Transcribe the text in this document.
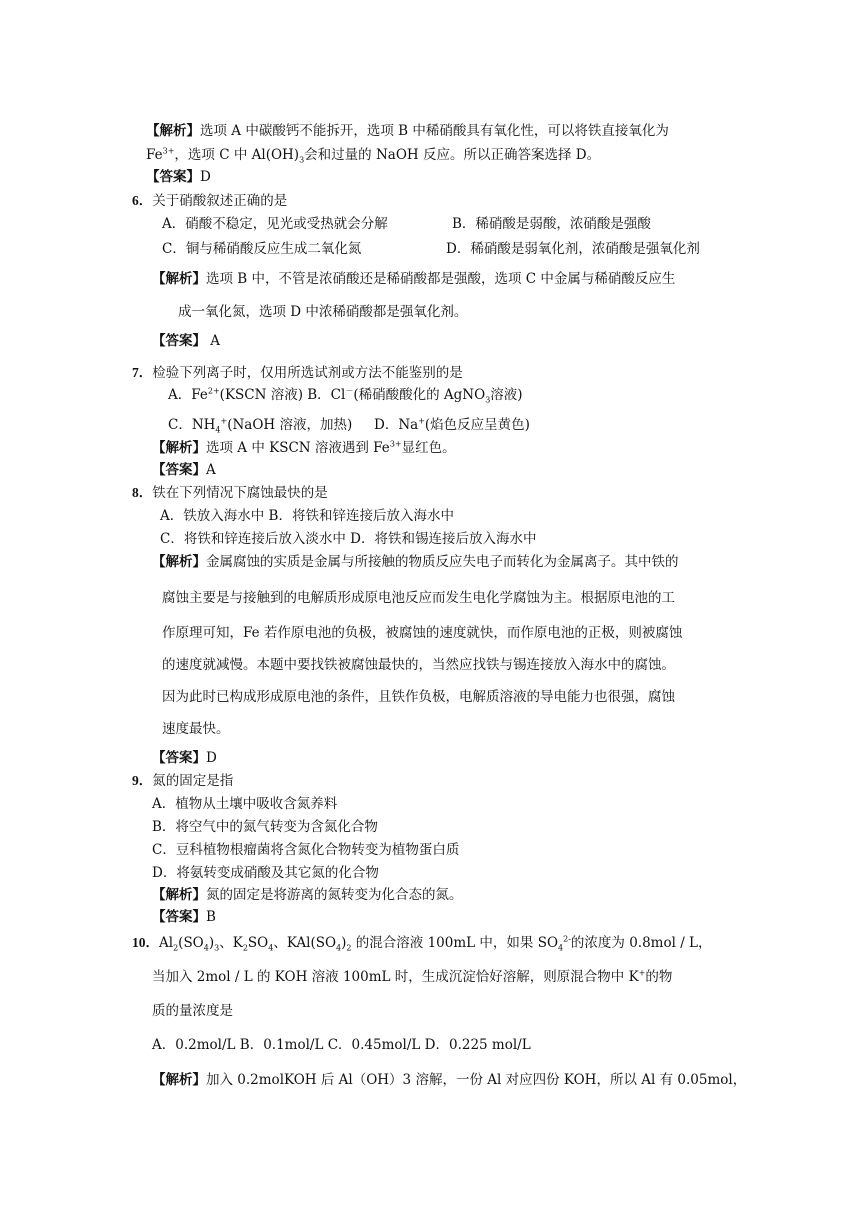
【解析】选项 A 中碳酸钙不能拆开，选项 B 中稀硝酸具有氧化性，可以将铁直接氧化为
$Fe^{3+}$，选项 C 中 $Al(OH)_3$会和过量的 NaOH 反应。所以正确答案选择 D。
【答案】D
6．关于硝酸叙述正确的是
A．硝酸不稳定，见光或受热就会分解	B．稀硝酸是弱酸，浓硝酸是强酸
C．铜与稀硝酸反应生成二氧化氮	D．稀硝酸是弱氧化剂，浓硝酸是强氧化剂
【解析】选项 B 中，不管是浓硝酸还是稀硝酸都是强酸，选项 C 中金属与稀硝酸反应生
成一氧化氮，选项 D 中浓稀硝酸都是强氧化剂。
【答案】 A
7．检验下列离子时，仅用所选试剂或方法不能鉴别的是
A．$Fe^{2+}(KSCN$ 溶液) B．Cl－(稀硝酸酸化的 AgNO$_3$溶液)
C．$NH_4^+(NaOH$ 溶液，加热) D．Na+(焰色反应呈黄色)
【解析】选项 A 中 KSCN 溶液遇到 $Fe^{3+}$显红色。
【答案】A
8．铁在下列情况下腐蚀最快的是
A．铁放入海水中 B．将铁和锌连接后放入海水中
C．将铁和锌连接后放入淡水中 D．将铁和锡连接后放入海水中
【解析】金属腐蚀的实质是金属与所接触的物质反应失电子而转化为金属离子。其中铁的
腐蚀主要是与接触到的电解质形成原电池反应而发生电化学腐蚀为主。根据原电池的工
作原理可知，Fe 若作原电池的负极，被腐蚀的速度就快，而作原电池的正极，则被腐蚀
的速度就减慢。本题中要找铁被腐蚀最快的，当然应找铁与锡连接放入海水中的腐蚀。
因为此时已构成形成原电池的条件，且铁作负极，电解质溶液的导电能力也很强，腐蚀
速度最快。
【答案】D
9．氮的固定是指
A．植物从土壤中吸收含氮养料
B．将空气中的氮气转变为含氮化合物
C．豆科植物根瘤菌将含氮化合物转变为植物蛋白质
D．将氨转变成硝酸及其它氮的化合物
【解析】氮的固定是将游离的氮转变为化合态的氮。
【答案】B
10．$Al_2(SO_4)_3$、$K_2SO_4$、$KAl(SO_4)_2$ 的混合溶液 100mL 中，如果 $SO_4^{2-}$的浓度为 0.8mol / L，
当加入 2mol / L 的 KOH 溶液 100mL 时，生成沉淀恰好溶解，则原混合物中 K+的物
质的量浓度是
A．0.2mol/L B．0.1mol/L C．0.45mol/L D．0.225 mol/L
【解析】加入 0.2molKOH 后 Al（OH）3 溶解，一份 Al 对应四份 KOH，所以 Al 有 0.05mol，
